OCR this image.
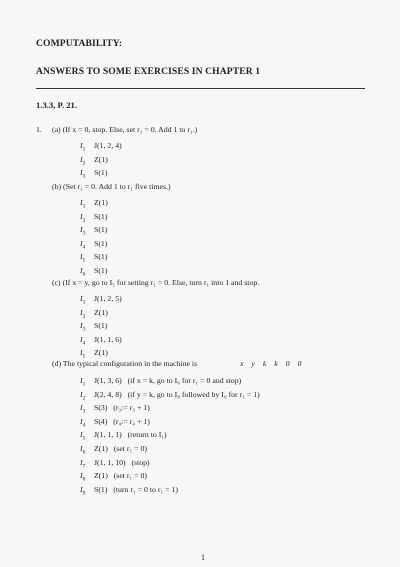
COMPUTABILITY:
ANSWERS TO SOME EXERCISES IN CHAPTER 1
1.3.3, P. 21.
1. (a) (If x = 0, stop. Else, set r₁ = 0. Add 1 to r₁.)
$I_1$ J(1, 2, 4)
$I_2$ Z(1)
$I_3$ S(1)
(b) (Set r₁ = 0. Add 1 to r₁ five times.)
$I_1$ Z(1)
$I_2$ S(1)
$I_3$ S(1)
$I_4$ S(1)
$I_5$ S(1)
$I_6$ S(1)
(c) (If x = y, go to I₅ for setting r₁ = 0. Else, turn r₁ into 1 and stop.
$I_1$ J(1, 2, 5)
$I_2$ Z(1)
$I_3$ S(1)
$I_4$ J(1, 1, 6)
$I_5$ Z(1)
(d) The typical configuration in the machine is	x y k k 0 0
$I_1$ J(1, 3, 6)   (if x = k, go to I₆ for r₁ = 0 and stop)
$I_2$ J(2, 4, 8)   (if y = k, go to I₈ followed by I₉ for r₁ = 1)
$I_3$ S(3)   (r₃:= r₃ + 1)
$I_4$ S(4)   (r₄:= r₄ + 1)
$I_5$ J(1, 1, 1)   (return to I₁)
$I_6$ Z(1)   (set r₁ = 0)
$I_7$ J(1, 1, 10)   (stop)
$I_8$ Z(1)   (set r₁ = 0)
$I_9$ S(1)   (turn r₁ = 0 to r₁ = 1)
1
